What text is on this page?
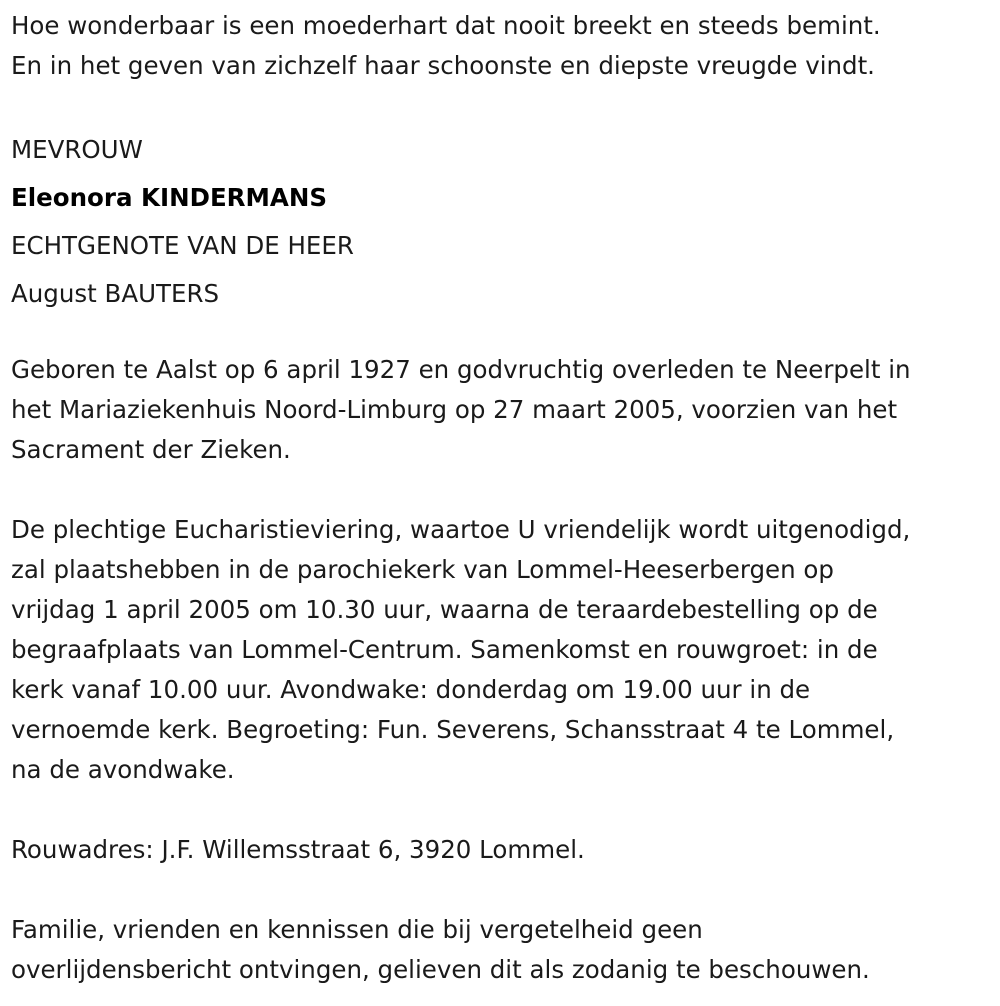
Hoe wonderbaar is een moederhart dat nooit breekt en steeds bemint.
En in het geven van zichzelf haar schoonste en diepste vreugde vindt.
MEVROUW
Eleonora KINDERMANS
ECHTGENOTE VAN DE HEER
August BAUTERS
Geboren te Aalst op 6 april 1927 en godvruchtig overleden te Neerpelt in
het Mariaziekenhuis Noord-Limburg op 27 maart 2005, voorzien van het
Sacrament der Zieken.
De plechtige Eucharistieviering, waartoe U vriendelijk wordt uitgenodigd,
zal plaatshebben in de parochiekerk van Lommel-Heeserbergen op
vrijdag 1 april 2005 om 10.30 uur, waarna de teraardebestelling op de
begraafplaats van Lommel-Centrum. Samenkomst en rouwgroet: in de
kerk vanaf 10.00 uur. Avondwake: donderdag om 19.00 uur in de
vernoemde kerk. Begroeting: Fun. Severens, Schansstraat 4 te Lommel,
na de avondwake.
Rouwadres: J.F. Willemsstraat 6, 3920 Lommel.
Familie, vrienden en kennissen die bij vergetelheid geen
overlijdensbericht ontvingen, gelieven dit als zodanig te beschouwen.
